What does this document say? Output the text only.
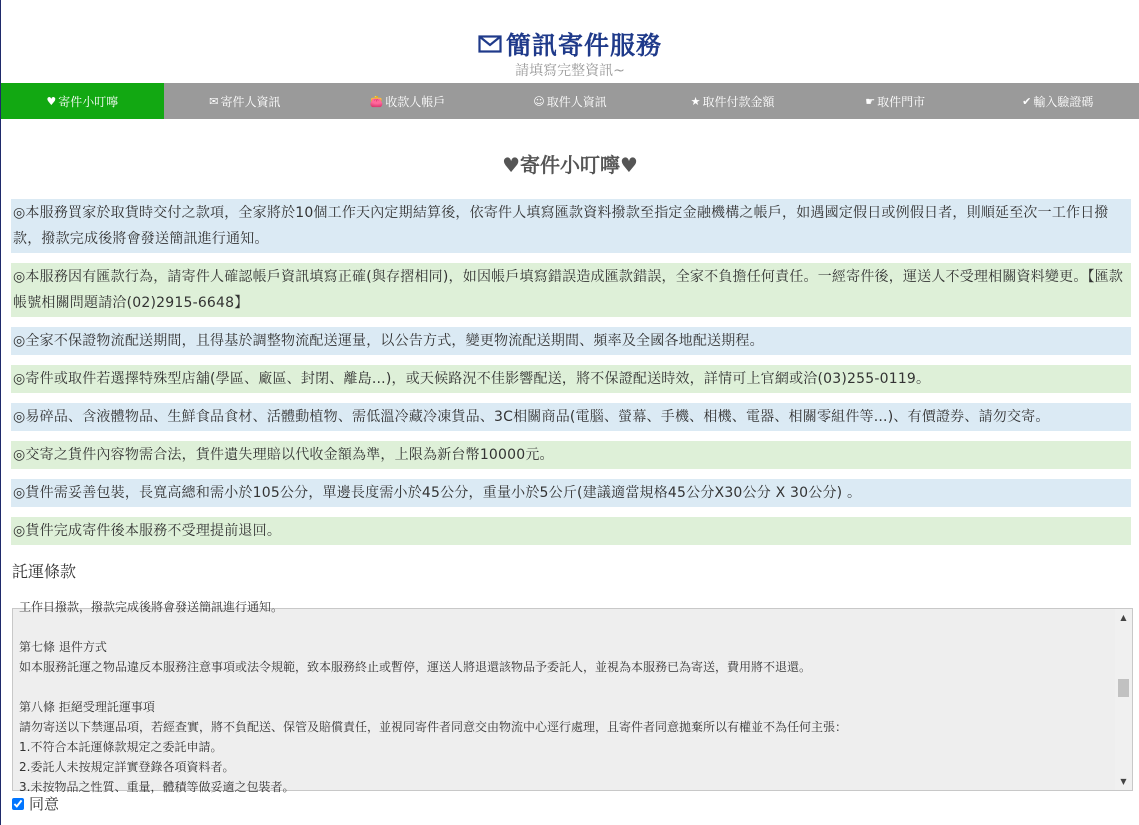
簡訊寄件服務
請填寫完整資訊~
♥ 寄件小叮嚀	✉ 寄件人資訊	👛 收款人帳戶	☺ 取件人資訊	★ 取件付款金額	☛ 取件門市	✔ 輸入驗證碼
♥寄件小叮嚀♥
◎本服務買家於取貨時交付之款項，全家將於10個工作天內定期結算後，依寄件人填寫匯款資料撥款至指定金融機構之帳戶，如遇國定假日或例假日者，則順延至次一工作日撥款，撥款完成後將會發送簡訊進行通知。
◎本服務因有匯款行為，請寄件人確認帳戶資訊填寫正確(與存摺相同)，如因帳戶填寫錯誤造成匯款錯誤，全家不負擔任何責任。一經寄件後，運送人不受理相關資料變更。【匯款帳號相關問題請洽(02)2915-6648】
◎全家不保證物流配送期間，且得基於調整物流配送運量，以公告方式，變更物流配送期間、頻率及全國各地配送期程。
◎寄件或取件若選擇特殊型店舖(學區、廠區、封閉、離島...)，或天候路況不佳影響配送，將不保證配送時效，詳情可上官網或洽(03)255-0119。
◎易碎品、含液體物品、生鮮食品食材、活體動植物、需低溫冷藏冷凍貨品、3C相關商品(電腦、螢幕、手機、相機、電器、相關零組件等...)、有價證券、請勿交寄。
◎交寄之貨件內容物需合法，貨件遺失理賠以代收金額為準，上限為新台幣10000元。
◎貨件需妥善包裝，長寬高總和需小於105公分，單邊長度需小於45公分，重量小於5公斤(建議適當規格45公分X30公分 X 30公分) 。
◎貨件完成寄件後本服務不受理提前退回。
託運條款
工作日撥款，撥款完成後將會發送簡訊進行通知。

第七條 退件方式
如本服務託運之物品違反本服務注意事項或法令規範，致本服務終止或暫停，運送人將退還該物品予委託人，並視為本服務已為寄送，費用將不退還。

第八條 拒絕受理託運事項
請勿寄送以下禁運品項，若經查實，將不負配送、保管及賠償責任，並視同寄件者同意交由物流中心逕行處理，且寄件者同意拋棄所以有權並不為任何主張：
1.不符合本託運條款規定之委託申請。
2.委託人未按規定詳實登錄各項資料者。
3.未按物品之性質、重量，體積等做妥適之包裝者。
▲
▼
同意
